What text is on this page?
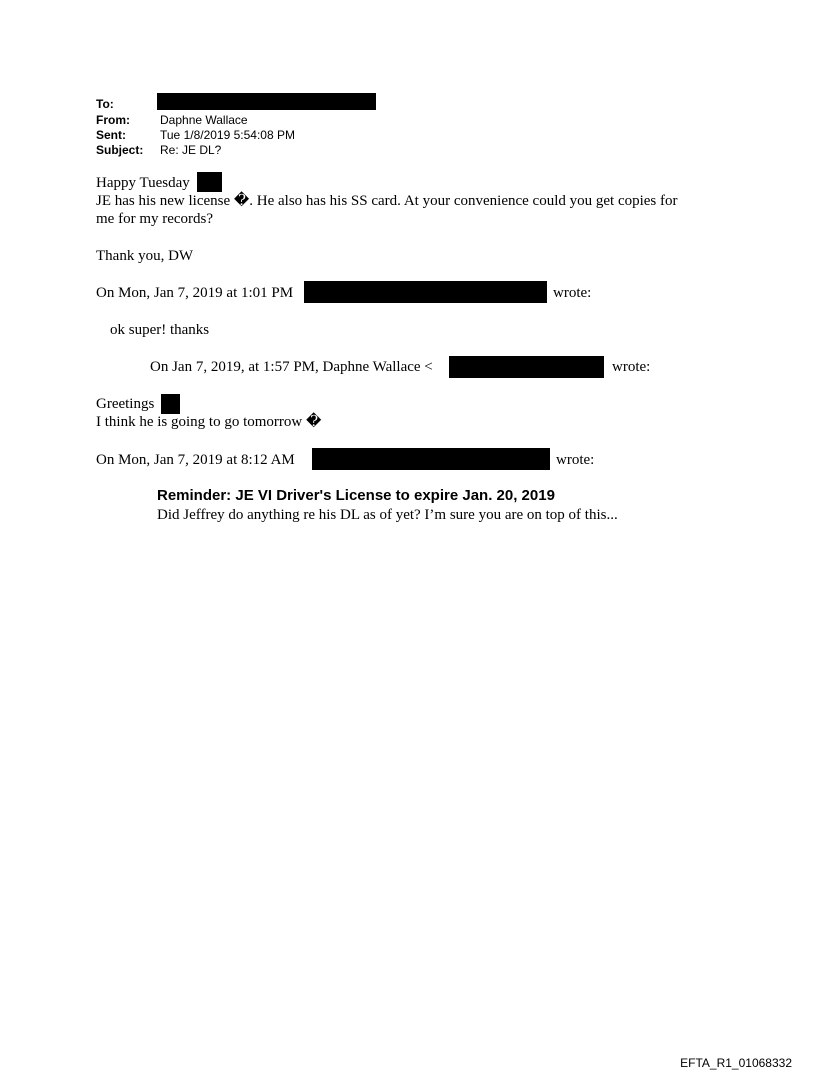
To:
From:	Daphne Wallace
Sent:	Tue 1/8/2019 5:54:08 PM
Subject: Re: JE DL?
Happy Tuesday
JE has his new license �. He also has his SS card. At your convenience could you get copies for
me for my records?
Thank you, DW
On Mon, Jan 7, 2019 at 1:01 PM	wrote:
ok super! thanks
On Jan 7, 2019, at 1:57 PM, Daphne Wallace <	wrote:
Greetings
I think he is going to go tomorrow �
On Mon, Jan 7, 2019 at 8:12 AM	wrote:
Reminder: JE VI Driver's License to expire Jan. 20, 2019
Did Jeffrey do anything re his DL as of yet? I’m sure you are on top of this...
EFTA_R1_01068332
